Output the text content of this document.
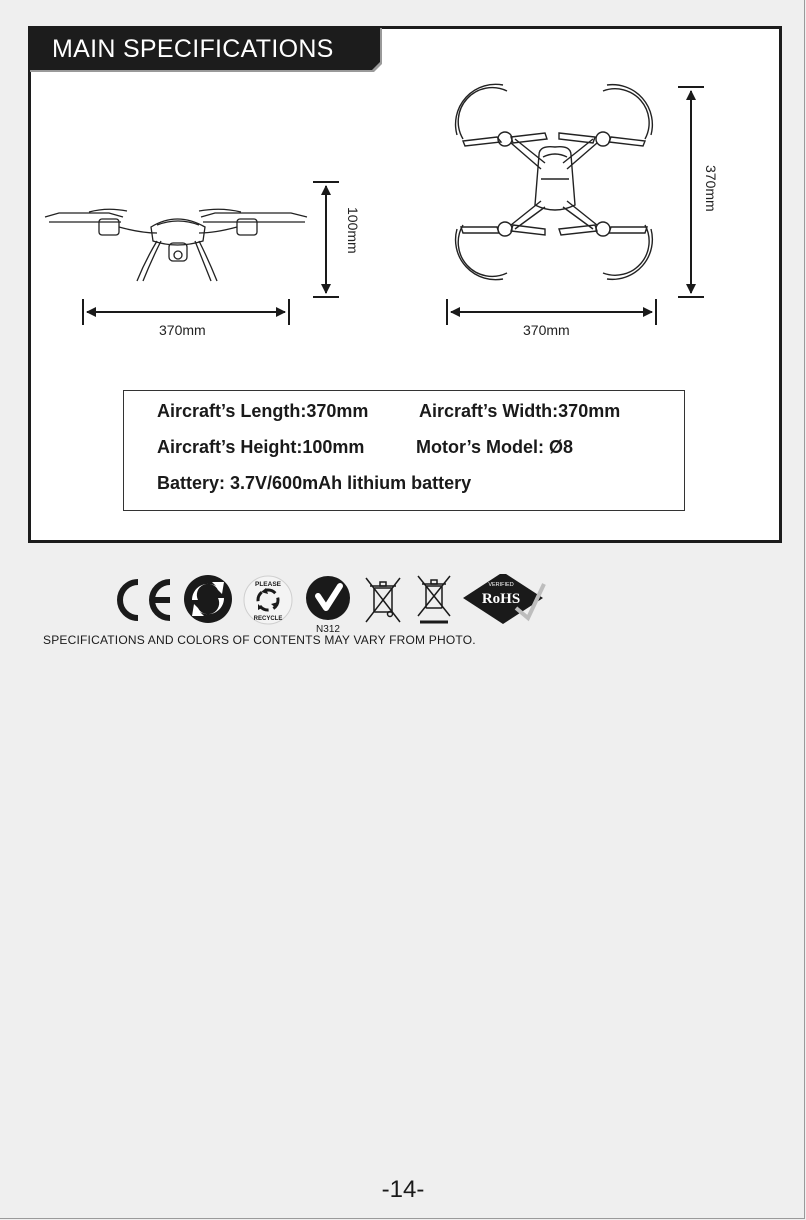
MAIN SPECIFICATIONS
370mm
100mm
370mm
370mm
Aircraft’s Length:370mm	Aircraft’s Width:370mm
Aircraft’s Height:100mm	Motor’s Model: Ø8
Battery: 3.7V/600mAh lithium battery
PLEASE
RECYCLE
N312
VERIFIED
RoHS
SPECIFICATIONS AND COLORS OF CONTENTS MAY VARY FROM PHOTO.
-14-
